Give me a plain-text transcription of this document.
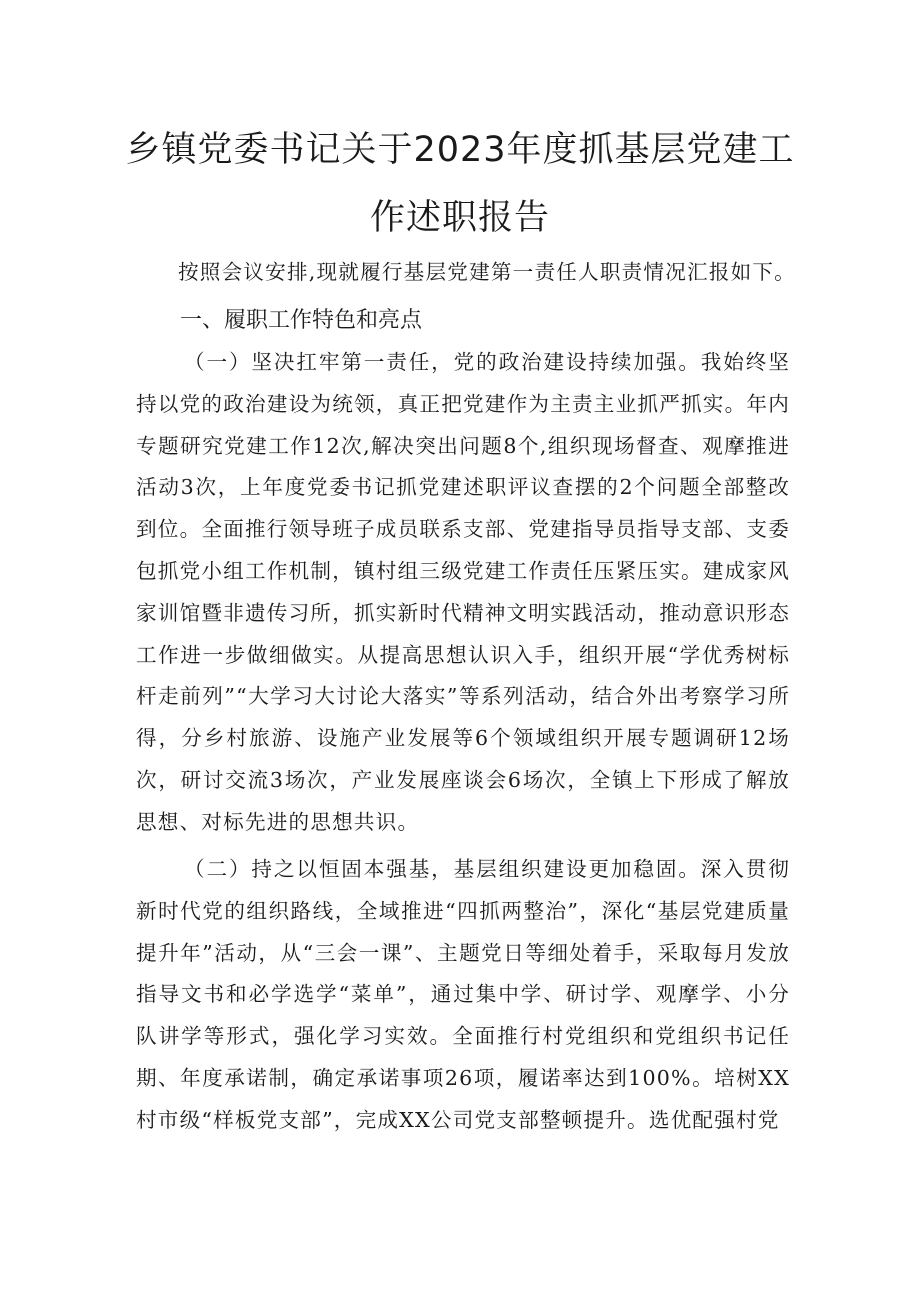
乡镇党委书记关于2023年度抓基层党建工
作述职报告

按照会议安排,现就履行基层党建第一责任人职责情况汇报如下。

一、履职工作特色和亮点

（一）坚决扛牢第一责任，党的政治建设持续加强。我始终坚持以党的政治建设为统领，真正把党建作为主责主业抓严抓实。年内专题研究党建工作12次,解决突出问题8个,组织现场督查、观摩推进活动3次，上年度党委书记抓党建述职评议查摆的2个问题全部整改到位。全面推行领导班子成员联系支部、党建指导员指导支部、支委包抓党小组工作机制，镇村组三级党建工作责任压紧压实。建成家风家训馆暨非遗传习所，抓实新时代精神文明实践活动，推动意识形态工作进一步做细做实。从提高思想认识入手，组织开展“学优秀树标杆走前列”“大学习大讨论大落实”等系列活动，结合外出考察学习所得，分乡村旅游、设施产业发展等6个领域组织开展专题调研12场次，研讨交流3场次，产业发展座谈会6场次，全镇上下形成了解放思想、对标先进的思想共识。

（二）持之以恒固本强基，基层组织建设更加稳固。深入贯彻新时代党的组织路线，全域推进“四抓两整治”，深化“基层党建质量提升年”活动，从“三会一课”、主题党日等细处着手，采取每月发放指导文书和必学选学“菜单”，通过集中学、研讨学、观摩学、小分队讲学等形式，强化学习实效。全面推行村党组织和党组织书记任期、年度承诺制，确定承诺事项26项，履诺率达到100%。培树XX村市级“样板党支部”，完成XX公司党支部整顿提升。选优配强村党
